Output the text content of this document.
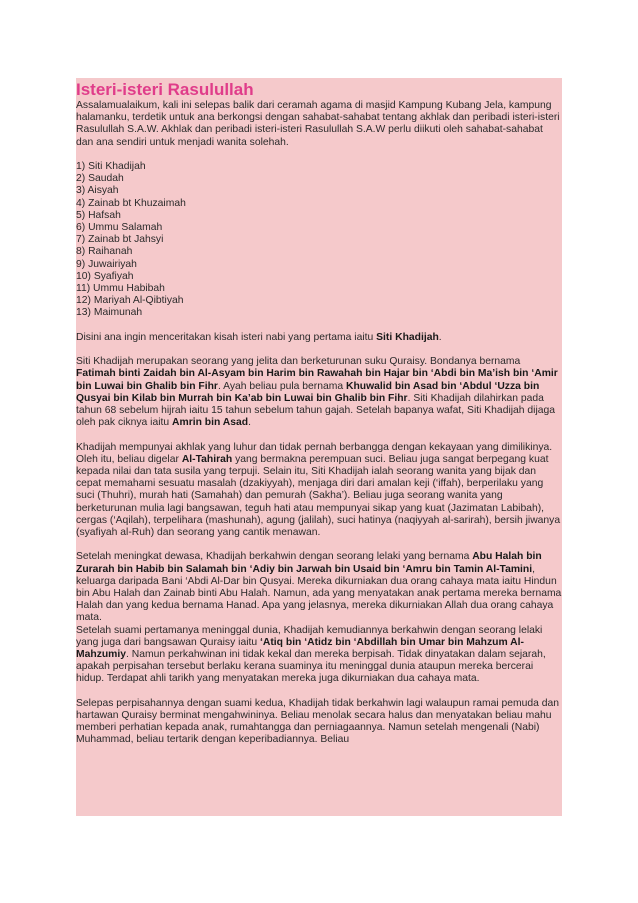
Isteri-isteri Rasulullah

Assalamualaikum, kali ini selepas balik dari ceramah agama di masjid Kampung Kubang Jela, kampung halamanku, terdetik untuk ana berkongsi dengan sahabat-sahabat tentang akhlak dan peribadi isteri-isteri Rasulullah S.A.W. Akhlak dan peribadi isteri-isteri Rasulullah S.A.W perlu diikuti oleh sahabat-sahabat dan ana sendiri untuk menjadi wanita solehah.

1) Siti Khadijah

2) Saudah

3) Aisyah

4) Zainab bt Khuzaimah

5) Hafsah

6) Ummu Salamah

7) Zainab bt Jahsyi

8) Raihanah

9) Juwairiyah

10) Syafiyah

11) Ummu Habibah

12) Mariyah Al-Qibtiyah

13) Maimunah

Disini ana ingin menceritakan kisah isteri nabi yang pertama iaitu Siti Khadijah.

Siti Khadijah merupakan seorang yang jelita dan berketurunan suku Quraisy. Bondanya bernama Fatimah binti Zaidah bin Al-Asyam bin Harim bin Rawahah bin Hajar bin ‘Abdi bin Ma’ish bin ‘Amir bin Luwai bin Ghalib bin Fihr. Ayah beliau pula bernama Khuwalid bin Asad bin ‘Abdul ‘Uzza bin Qusyai bin Kilab bin Murrah bin Ka’ab bin Luwai bin Ghalib bin Fihr. Siti Khadijah dilahirkan pada tahun 68 sebelum hijrah iaitu 15 tahun sebelum tahun gajah. Setelah bapanya wafat, Siti Khadijah dijaga oleh pak ciknya iaitu Amrin bin Asad.

Khadijah mempunyai akhlak yang luhur dan tidak pernah berbangga dengan kekayaan yang dimilikinya. Oleh itu, beliau digelar Al-Tahirah yang bermakna perempuan suci. Beliau juga sangat berpegang kuat kepada nilai dan tata susila yang terpuji. Selain itu, Siti Khadijah ialah seorang wanita yang bijak dan cepat memahami sesuatu masalah (dzakiyyah), menjaga diri dari amalan keji (‘iffah), berperilaku yang suci (Thuhri), murah hati (Samahah) dan pemurah (Sakha’). Beliau juga seorang wanita yang berketurunan mulia lagi bangsawan, teguh hati atau mempunyai sikap yang kuat (Jazimatan Labibah), cergas (‘Aqilah), terpelihara (mashunah), agung (jalilah), suci hatinya (naqiyyah al-sarirah), bersih jiwanya (syafiyah al-Ruh) dan seorang yang cantik menawan.

Setelah meningkat dewasa, Khadijah berkahwin dengan seorang lelaki yang bernama Abu Halah bin Zurarah bin Habib bin Salamah bin ‘Adiy bin Jarwah bin Usaid bin ‘Amru bin Tamin Al-Tamini, keluarga daripada Bani ‘Abdi Al-Dar bin Qusyai. Mereka dikurniakan dua orang cahaya mata iaitu Hindun bin Abu Halah dan Zainab binti Abu Halah. Namun, ada yang menyatakan anak pertama mereka bernama Halah dan yang kedua bernama Hanad. Apa yang jelasnya, mereka dikurniakan Allah dua orang cahaya mata.

Setelah suami pertamanya meninggal dunia, Khadijah kemudiannya berkahwin dengan seorang lelaki yang juga dari bangsawan Quraisy iaitu ‘Atiq bin ‘Atidz bin ‘Abdillah bin Umar bin Mahzum Al-Mahzumiy. Namun perkahwinan ini tidak kekal dan mereka berpisah. Tidak dinyatakan dalam sejarah, apakah perpisahan tersebut berlaku kerana suaminya itu meninggal dunia ataupun mereka bercerai hidup. Terdapat ahli tarikh yang menyatakan mereka juga dikurniakan dua cahaya mata.

Selepas perpisahannya dengan suami kedua, Khadijah tidak berkahwin lagi walaupun ramai pemuda dan hartawan Quraisy berminat mengahwininya. Beliau menolak secara halus dan menyatakan beliau mahu memberi perhatian kepada anak, rumahtangga dan perniagaannya. Namun setelah mengenali (Nabi) Muhammad, beliau tertarik dengan keperibadiannya. Beliau
